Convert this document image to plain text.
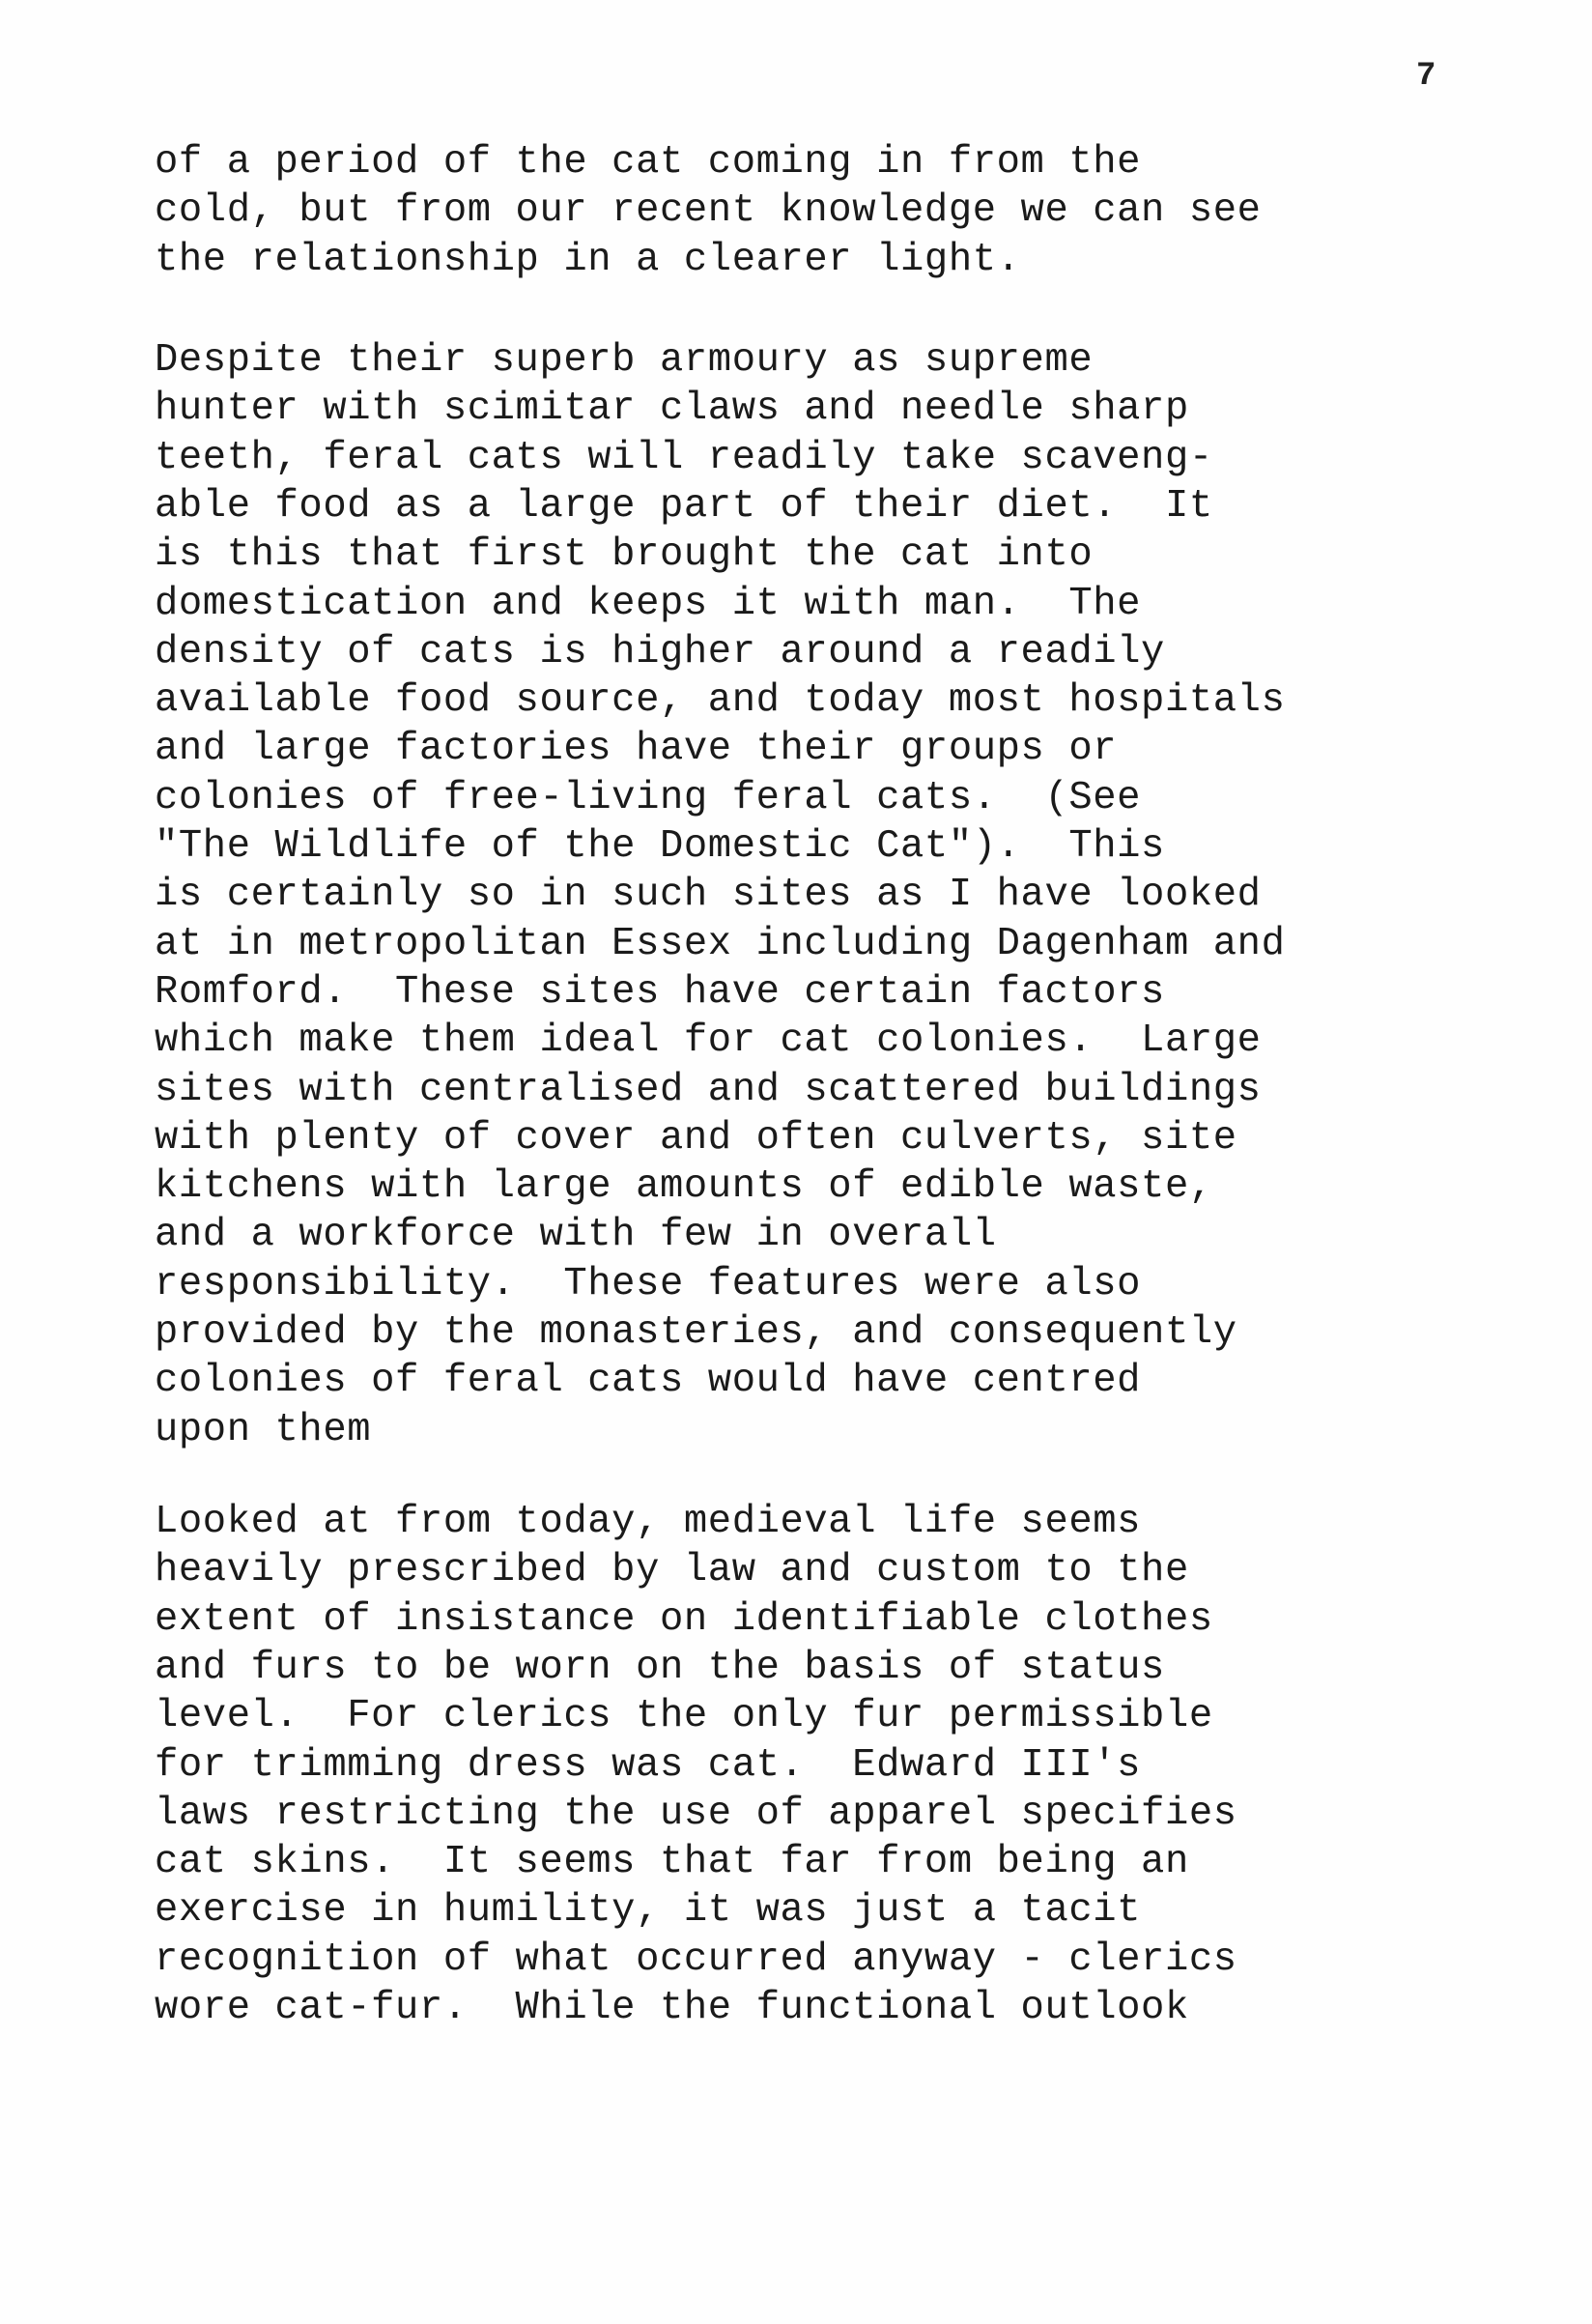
7
of a period of the cat coming in from the
cold, but from our recent knowledge we can see
the relationship in a clearer light.
Despite their superb armoury as supreme
hunter with scimitar claws and needle sharp
teeth, feral cats will readily take scaveng-
able food as a large part of their diet.  It
is this that first brought the cat into
domestication and keeps it with man.  The
density of cats is higher around a readily
available food source, and today most hospitals
and large factories have their groups or
colonies of free-living feral cats.  (See
"The Wildlife of the Domestic Cat").  This
is certainly so in such sites as I have looked
at in metropolitan Essex including Dagenham and
Romford.  These sites have certain factors
which make them ideal for cat colonies.  Large
sites with centralised and scattered buildings
with plenty of cover and often culverts, site
kitchens with large amounts of edible waste,
and a workforce with few in overall
responsibility.  These features were also
provided by the monasteries, and consequently
colonies of feral cats would have centred
upon them
Looked at from today, medieval life seems
heavily prescribed by law and custom to the
extent of insistance on identifiable clothes
and furs to be worn on the basis of status
level.  For clerics the only fur permissible
for trimming dress was cat.  Edward III's
laws restricting the use of apparel specifies
cat skins.  It seems that far from being an
exercise in humility, it was just a tacit
recognition of what occurred anyway - clerics
wore cat-fur.  While the functional outlook
